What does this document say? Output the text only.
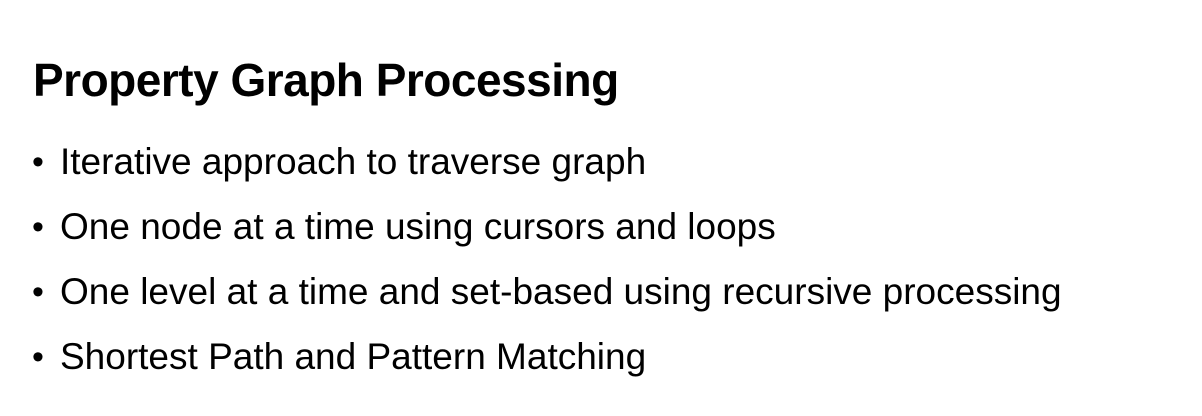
Property Graph Processing
• Iterative approach to traverse graph
• One node at a time using cursors and loops
• One level at a time and set-based using recursive processing
• Shortest Path and Pattern Matching
